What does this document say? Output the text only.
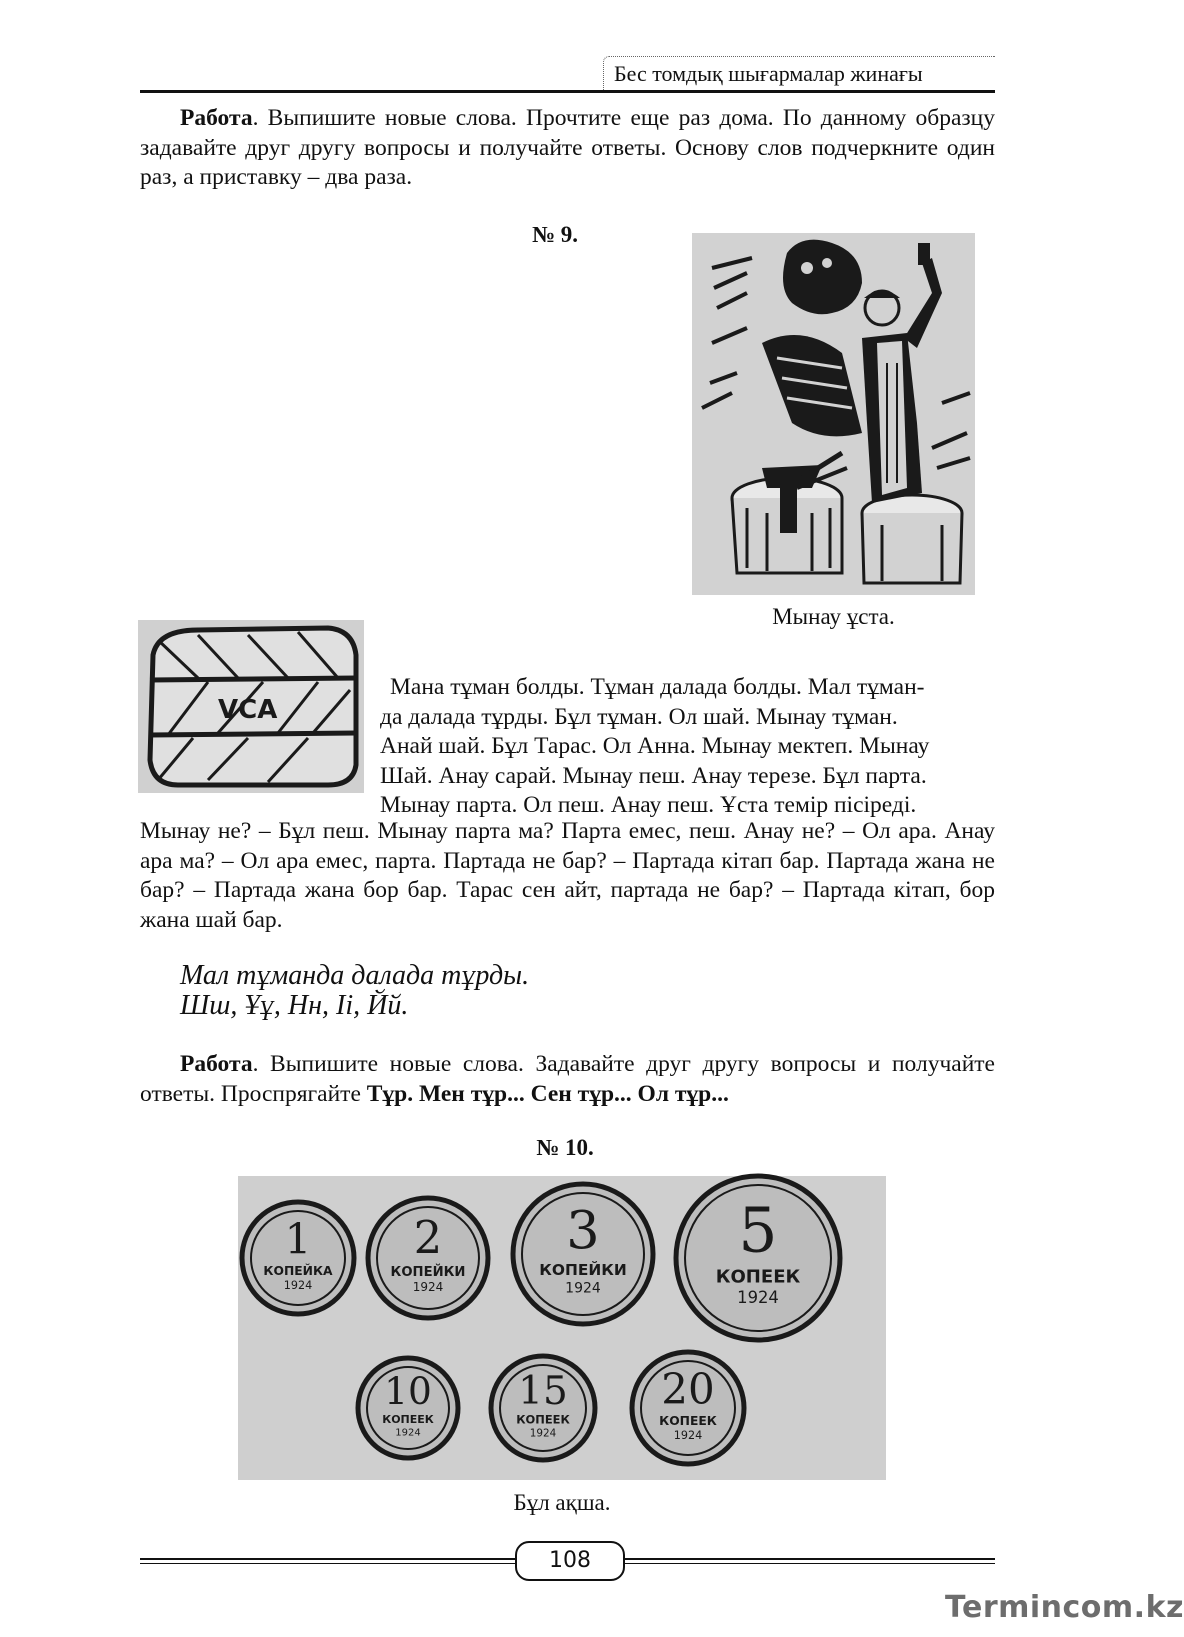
Бес томдық шығармалар жинағы

Работа. Выпишите новые слова. Прочтите еще раз дома. По данному образцу задавайте друг другу вопросы и получайте ответы. Основу слов подчеркните один раз, а приставку – два раза.

№ 9.
Мынау ұста.
VCA
Мана тұман болды. Тұман далада болды. Мал тұман-
да далада тұрды. Бұл тұман. Ол шай. Мынау тұман.
Анай шай. Бұл Тарас. Ол Анна. Мынау мектеп. Мынау
Шай. Анау сарай. Мынау пеш. Анау терезе. Бұл парта.
Мынау парта. Ол пеш. Анау пеш. Ұста темір пісіреді.

Мынау не? – Бұл пеш. Мынау парта ма? Парта емес, пеш. Анау не? – Ол ара. Анау ара ма? – Ол ара емес, парта. Партада не бар? – Партада кітап бар. Партада жана не бар? – Партада жана бор бар. Тарас сен айт, партада не бар? – Партада кітап, бор жана шай бар.

Мал тұманда далада тұрды.
Шш, Ұұ, Нн, Іі, Йй.

Работа. Выпишите новые слова. Задавайте друг другу вопросы и получайте ответы. Проспрягайте Тұр. Мен тұр... Сен тұр... Ол тұр...

№ 10.
1
КОПЕЙКА
1924
2
КОПЕЙКИ
1924
3
КОПЕЙКИ
1924
5
КОПЕЕК
1924
10
КОПЕЕК
1924
15
КОПЕЕК
1924
20
КОПЕЕК
1924
Бұл ақша.
108
Termincom.kz
